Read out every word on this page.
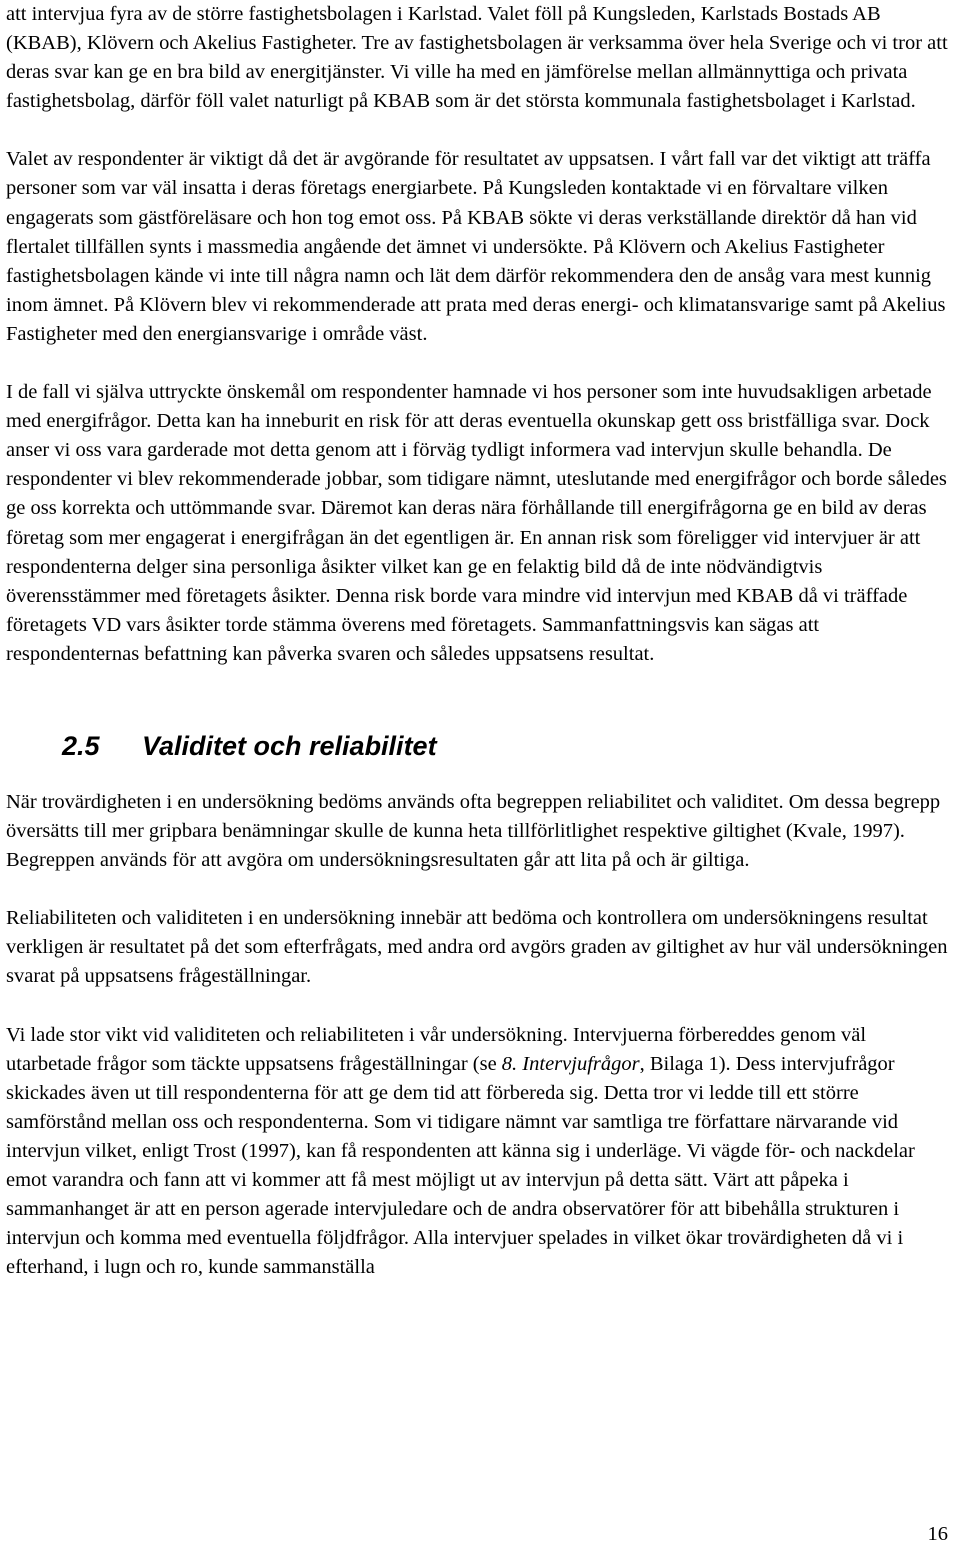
att intervjua fyra av de större fastighetsbolagen i Karlstad. Valet föll på Kungsleden, Karlstads Bostads AB (KBAB), Klövern och Akelius Fastigheter. Tre av fastighetsbolagen är verksamma över hela Sverige och vi tror att deras svar kan ge en bra bild av energitjänster. Vi ville ha med en jämförelse mellan allmännyttiga och privata fastighetsbolag, därför föll valet naturligt på KBAB som är det största kommunala fastighetsbolaget i Karlstad.

Valet av respondenter är viktigt då det är avgörande för resultatet av uppsatsen. I vårt fall var det viktigt att träffa personer som var väl insatta i deras företags energiarbete. På Kungsleden kontaktade vi en förvaltare vilken engagerats som gästföreläsare och hon tog emot oss. På KBAB sökte vi deras verkställande direktör då han vid flertalet tillfällen synts i massmedia angående det ämnet vi undersökte. På Klövern och Akelius Fastigheter fastighetsbolagen kände vi inte till några namn och lät dem därför rekommendera den de ansåg vara mest kunnig inom ämnet. På Klövern blev vi rekommenderade att prata med deras energi- och klimatansvarige samt på Akelius Fastigheter med den energiansvarige i område väst.

I de fall vi själva uttryckte önskemål om respondenter hamnade vi hos personer som inte huvudsakligen arbetade med energifrågor. Detta kan ha inneburit en risk för att deras eventuella okunskap gett oss bristfälliga svar. Dock anser vi oss vara garderade mot detta genom att i förväg tydligt informera vad intervjun skulle behandla. De respondenter vi blev rekommenderade jobbar, som tidigare nämnt, uteslutande med energifrågor och borde således ge oss korrekta och uttömmande svar. Däremot kan deras nära förhållande till energifrågorna ge en bild av deras företag som mer engagerat i energifrågan än det egentligen är. En annan risk som föreligger vid intervjuer är att respondenterna delger sina personliga åsikter vilket kan ge en felaktig bild då de inte nödvändigtvis överensstämmer med företagets åsikter. Denna risk borde vara mindre vid intervjun med KBAB då vi träffade företagets VD vars åsikter torde stämma överens med företagets. Sammanfattningsvis kan sägas att respondenternas befattning kan påverka svaren och således uppsatsens resultat.

2.5 Validitet och reliabilitet

När trovärdigheten i en undersökning bedöms används ofta begreppen reliabilitet och validitet. Om dessa begrepp översätts till mer gripbara benämningar skulle de kunna heta tillförlitlighet respektive giltighet (Kvale, 1997). Begreppen används för att avgöra om undersökningsresultaten går att lita på och är giltiga.

Reliabiliteten och validiteten i en undersökning innebär att bedöma och kontrollera om undersökningens resultat verkligen är resultatet på det som efterfrågats, med andra ord avgörs graden av giltighet av hur väl undersökningen svarat på uppsatsens frågeställningar.

Vi lade stor vikt vid validiteten och reliabiliteten i vår undersökning. Intervjuerna förbereddes genom väl utarbetade frågor som täckte uppsatsens frågeställningar (se 8. Intervjufrågor, Bilaga 1). Dess intervjufrågor skickades även ut till respondenterna för att ge dem tid att förbereda sig. Detta tror vi ledde till ett större samförstånd mellan oss och respondenterna. Som vi tidigare nämnt var samtliga tre författare närvarande vid intervjun vilket, enligt Trost (1997), kan få respondenten att känna sig i underläge. Vi vägde för- och nackdelar emot varandra och fann att vi kommer att få mest möjligt ut av intervjun på detta sätt. Värt att påpeka i sammanhanget är att en person agerade intervjuledare och de andra observatörer för att bibehålla strukturen i intervjun och komma med eventuella följdfrågor. Alla intervjuer spelades in vilket ökar trovärdigheten då vi i efterhand, i lugn och ro, kunde sammanställa

16
